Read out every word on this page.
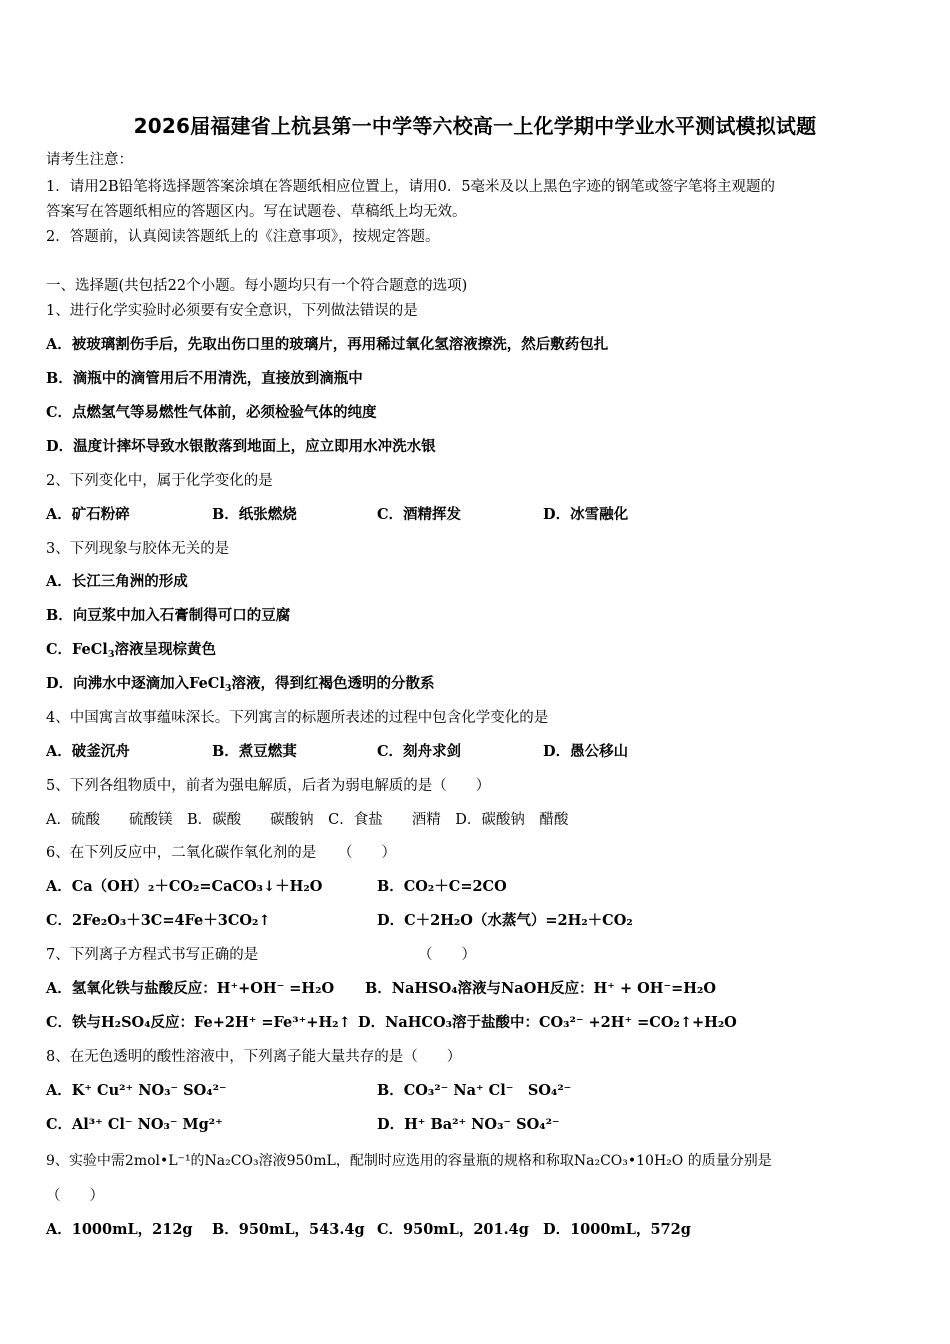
2026届福建省上杭县第一中学等六校高一上化学期中学业水平测试模拟试题
请考生注意：
1．请用2B铅笔将选择题答案涂填在答题纸相应位置上，请用0．5毫米及以上黑色字迹的钢笔或签字笔将主观题的
答案写在答题纸相应的答题区内。写在试题卷、草稿纸上均无效。
2．答题前，认真阅读答题纸上的《注意事项》，按规定答题。
一、选择题(共包括22个小题。每小题均只有一个符合题意的选项)
1、进行化学实验时必须要有安全意识，下列做法错误的是
A．被玻璃割伤手后，先取出伤口里的玻璃片，再用稀过氧化氢溶液擦洗，然后敷药包扎
B．滴瓶中的滴管用后不用清洗，直接放到滴瓶中
C．点燃氢气等易燃性气体前，必须检验气体的纯度
D．温度计摔坏导致水银散落到地面上，应立即用水冲洗水银
2、下列变化中，属于化学变化的是
A．矿石粉碎	B．纸张燃烧	C．酒精挥发	D．冰雪融化
3、下列现象与胶体无关的是
A．长江三角洲的形成
B．向豆浆中加入石膏制得可口的豆腐
C．FeCl$_3$溶液呈现棕黄色
D．向沸水中逐滴加入FeCl$_3$溶液，得到红褐色透明的分散系
4、中国寓言故事蕴味深长。下列寓言的标题所表述的过程中包含化学变化的是
A．破釜沉舟	B．煮豆燃萁	C．刻舟求剑	D．愚公移山
5、下列各组物质中，前者为强电解质，后者为弱电解质的是（　　）
A．硫酸　　硫酸镁　B．碳酸　　碳酸钠　C．食盐　　酒精　D．碳酸钠　醋酸
6、在下列反应中，二氧化碳作氧化剂的是　　（　　）
A．Ca（OH）₂＋CO₂=CaCO₃↓＋H₂O	B．CO₂＋C=2CO
C．2Fe₂O₃＋3C=4Fe＋3CO₂↑	D．C＋2H₂O（水蒸气）=2H₂＋CO₂
7、下列离子方程式书写正确的是	（　　）
A．氢氧化铁与盐酸反应：H⁺+OH⁻ =H₂O B．NaHSO₄溶液与NaOH反应：H⁺ + OH⁻=H₂O
C．铁与H₂SO₄反应：Fe+2H⁺ =Fe³⁺+H₂↑ D．NaHCO₃溶于盐酸中：CO₃²⁻ +2H⁺ =CO₂↑+H₂O
8、在无色透明的酸性溶液中，下列离子能大量共存的是（　　）
A．K⁺ Cu²⁺ NO₃⁻ SO₄²⁻	B．CO₃²⁻ Na⁺ Cl⁻　SO₄²⁻
C．Al³⁺ Cl⁻ NO₃⁻ Mg²⁺	D．H⁺ Ba²⁺ NO₃⁻ SO₄²⁻
9、实验中需2mol•L⁻¹的Na₂CO₃溶液950mL，配制时应选用的容量瓶的规格和称取Na₂CO₃•10H₂O 的质量分别是
（　　）
A．1000mL，212g B．950mL，543.4g C．950mL，201.4g D．1000mL，572g
